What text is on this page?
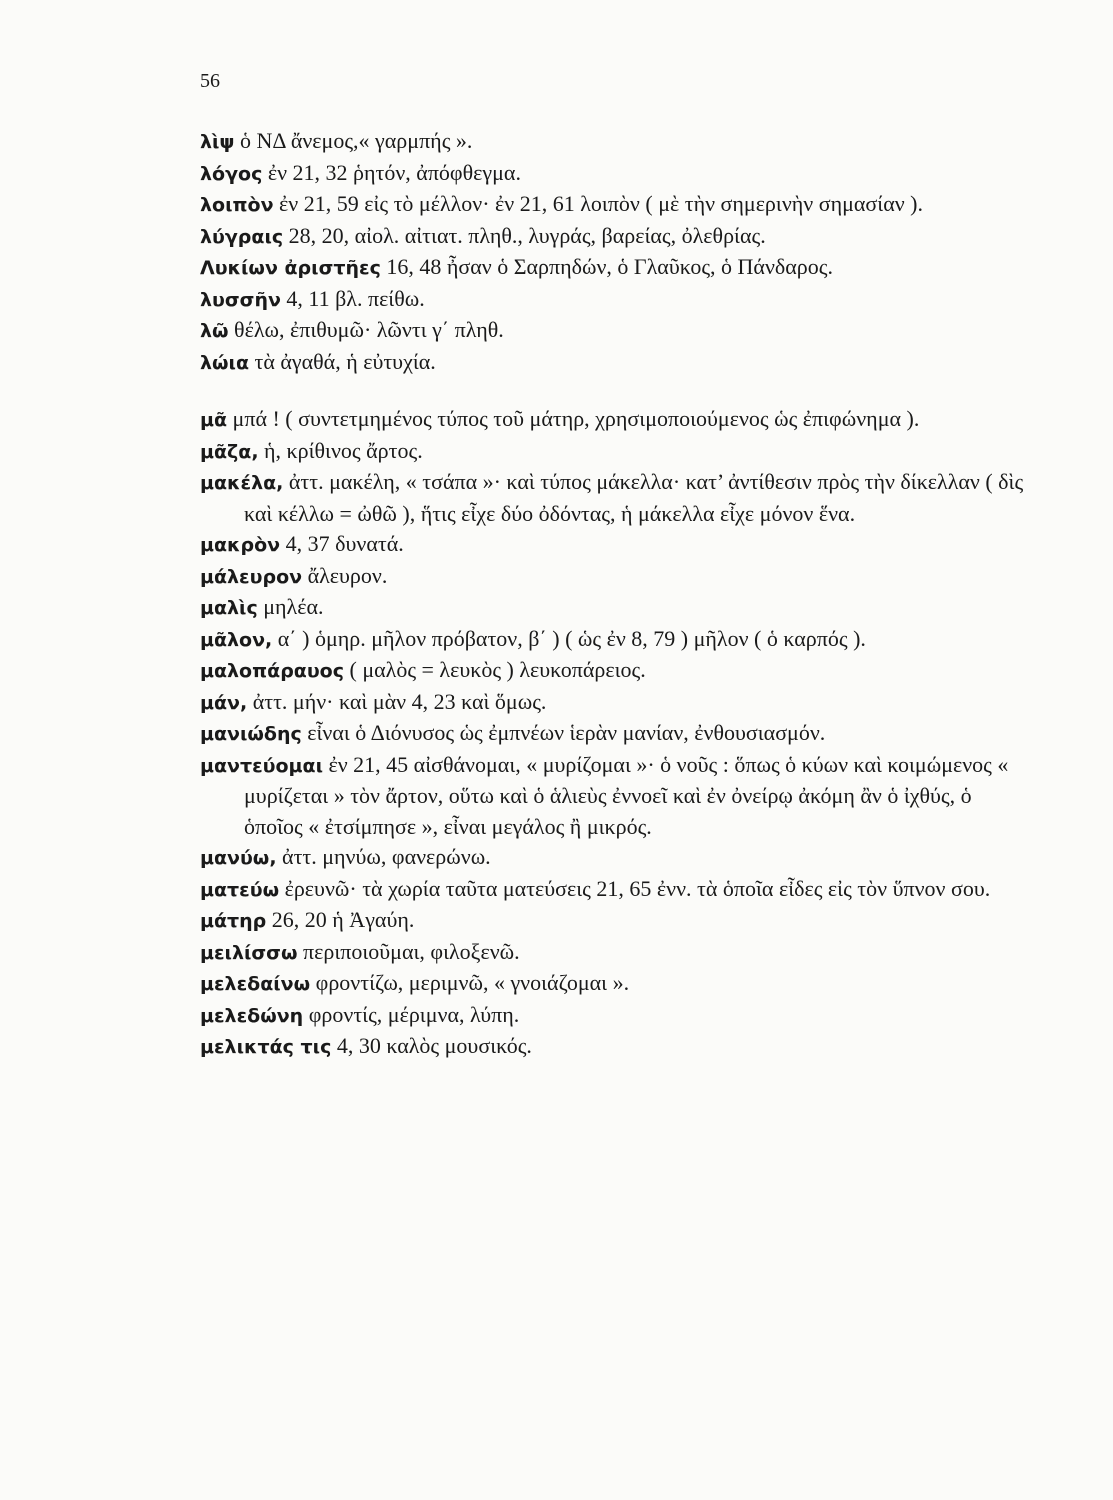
56

λὶψ ὁ ΝΔ ἄνεμος,« γαρμπής ».

λόγος ἐν 21, 32 ῥητόν, ἀπόφθεγμα.

λοιπὸν ἐν 21, 59 εἰς τὸ μέλλον· ἐν 21, 61 λοιπὸν ( μὲ τὴν σημερινὴν σημασίαν ).

λύγραις 28, 20, αἰολ. αἰτιατ. πληθ., λυγράς, βαρείας, ὀλεθρίας.

Λυκίων ἀριστῆες 16, 48 ἦσαν ὁ Σαρπηδών, ὁ Γλαῦκος, ὁ Πάνδαρος.

λυσσῆν 4, 11 βλ. πείθω.

λῶ θέλω, ἐπιθυμῶ· λῶντι γ΄ πληθ.

λώια τὰ ἀγαθά, ἡ εὐτυχία.

μᾶ μπά ! ( συντετμημένος τύπος τοῦ μάτηρ, χρησιμοποιούμενος ὡς ἐπιφώνημα ).

μᾶζα, ἡ, κρίθινος ἄρτος.

μακέλα, ἀττ. μακέλη, « τσάπα »· καὶ τύπος μάκελλα· κατ’ ἀντίθεσιν πρὸς τὴν δίκελλαν ( δὶς καὶ κέλλω = ὠθῶ ), ἥτις εἶχε δύο ὀδόντας, ἡ μάκελλα εἶχε μόνον ἕνα.

μακρὸν 4, 37 δυνατά.

μάλευρον ἄλευρον.

μαλὶς μηλέα.

μᾶλον, α΄ ) ὁμηρ. μῆλον πρόβατον, β΄ ) ( ὡς ἐν 8, 79 ) μῆλον ( ὁ καρπός ).

μαλοπάραυος ( μαλὸς = λευκὸς ) λευκοπάρειος.

μάν, ἀττ. μήν· καὶ μὰν 4, 23 καὶ ὅμως.

μανιώδης εἶναι ὁ Διόνυσος ὡς ἐμπνέων ἱερὰν μανίαν, ἐνθουσιασμόν.

μαντεύομαι ἐν 21, 45 αἰσθάνομαι, « μυρίζομαι »· ὁ νοῦς : ὅπως ὁ κύων καὶ κοιμώμενος « μυρίζεται » τὸν ἄρτον, οὕτω καὶ ὁ ἁλιεὺς ἐννοεῖ καὶ ἐν ὀνείρῳ ἀκόμη ἂν ὁ ἰχθύς, ὁ ὁποῖος « ἐτσίμπησε », εἶναι μεγάλος ἢ μικρός.

μανύω, ἀττ. μηνύω, φανερώνω.

ματεύω ἐρευνῶ· τὰ χωρία ταῦτα ματεύσεις 21, 65 ἐνν. τὰ ὁποῖα εἶδες εἰς τὸν ὕπνον σου.

μάτηρ 26, 20 ἡ Ἀγαύη.

μειλίσσω περιποιοῦμαι, φιλοξενῶ.

μελεδαίνω φροντίζω, μεριμνῶ, « γνοιάζομαι ».

μελεδώνη φροντίς, μέριμνα, λύπη.

μελικτάς τις 4, 30 καλὸς μουσικός.
